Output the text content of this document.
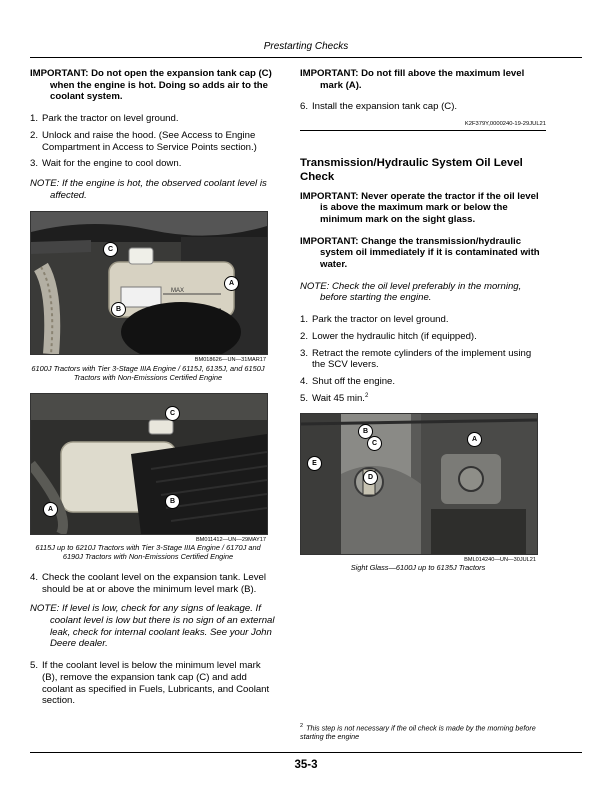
Prestarting Checks

IMPORTANT: Do not open the expansion tank cap (C) when the engine is hot. Doing so adds air to the coolant system.

1. Park the tractor on level ground.
2. Unlock and raise the hood. (See Access to Engine Compartment in Access to Service Points section.)
3. Wait for the engine to cool down.

NOTE: If the engine is hot, the observed coolant level is affected.

MAX
C
A
B
BM018626—UN—31MAR17
6100J Tractors with Tier 3-Stage IIIA Engine / 6115J, 6135J, and 6150J Tractors with Non-Emissions Certified Engine
C
A
B
BM011412—UN—29MAY17
6115J up to 6210J Tractors with Tier 3-Stage IIIA Engine / 6170J and 6190J Tractors with Non-Emissions Certified Engine
4. Check the coolant level on the expansion tank. Level should be at or above the minimum level mark (B).

NOTE: If level is low, check for any signs of leakage. If coolant level is low but there is no sign of an external leak, check for internal coolant leaks. See your John Deere dealer.

5. If the coolant level is below the minimum level mark (B), remove the expansion tank cap (C) and add coolant as specified in Fuels, Lubricants, and Coolant section.

IMPORTANT: Do not fill above the maximum level mark (A).

6. Install the expansion tank cap (C).
K2F379Y,0000240-19-29JUL21
Transmission/Hydraulic System Oil Level Check

IMPORTANT: Never operate the tractor if the oil level is above the maximum mark or below the minimum mark on the sight glass.

IMPORTANT: Change the transmission/hydraulic system oil immediately if it is contaminated with water.

NOTE: Check the oil level preferably in the morning, before starting the engine.

1. Park the tractor on level ground.
2. Lower the hydraulic hitch (if equipped).
3. Retract the remote cylinders of the implement using the SCV levers.
4. Shut off the engine.
5. Wait 45 min.$^2$
B
C
E
D
A
BML014240—UN—30JUL21
Sight Glass—6100J up to 6135J Tractors
$^2$ This step is not necessary if the oil check is made by the morning before starting the engine
35-3
